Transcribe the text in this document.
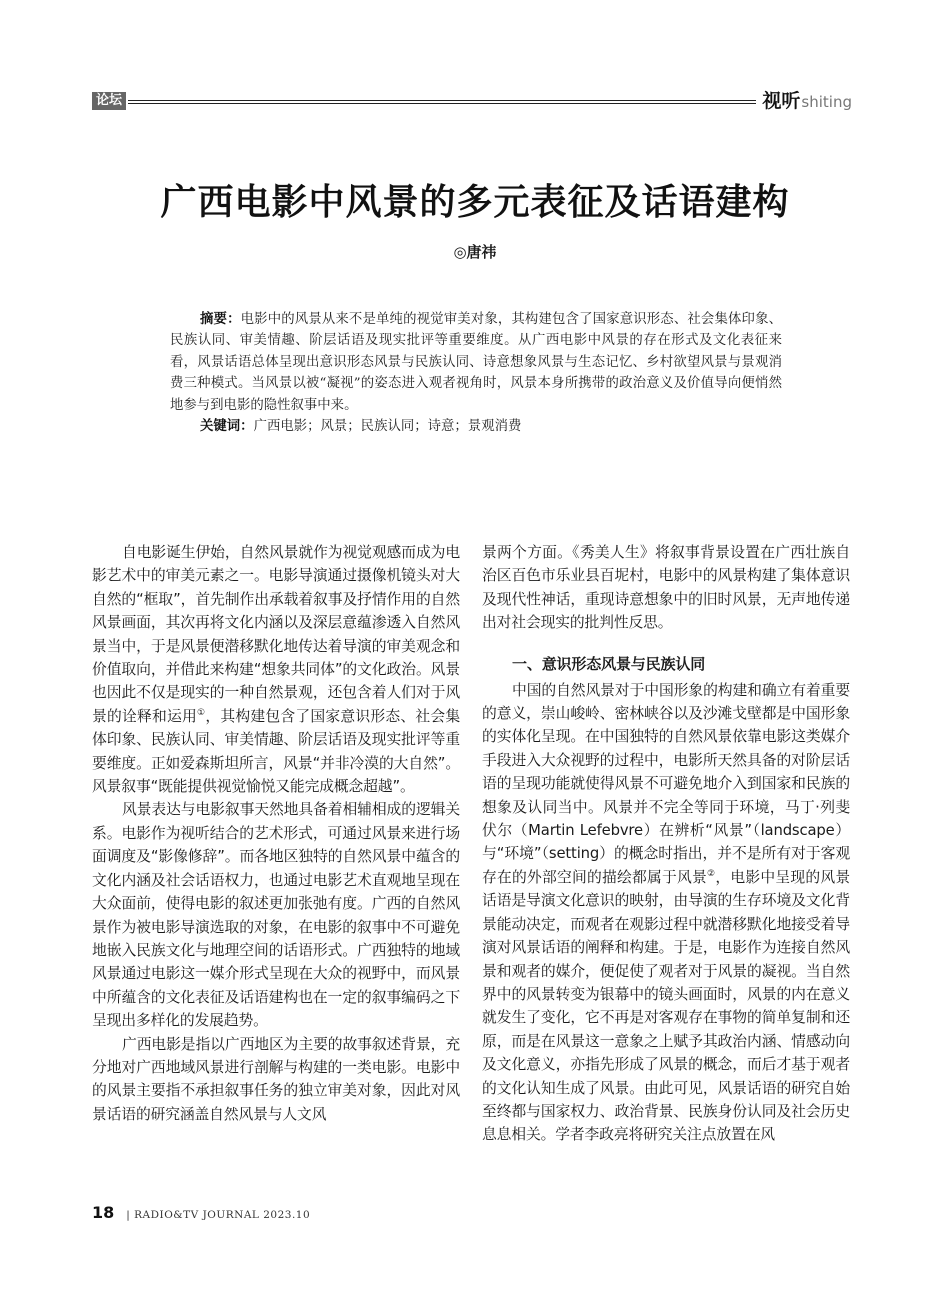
论坛	视听shiting
广西电影中风景的多元表征及话语建构
◎唐祎

摘要：电影中的风景从来不是单纯的视觉审美对象，其构建包含了国家意识形态、社会集体印象、民族认同、审美情趣、阶层话语及现实批评等重要维度。从广西电影中风景的存在形式及文化表征来看，风景话语总体呈现出意识形态风景与民族认同、诗意想象风景与生态记忆、乡村欲望风景与景观消费三种模式。当风景以被“凝视”的姿态进入观者视角时，风景本身所携带的政治意义及价值导向便悄然地参与到电影的隐性叙事中来。

关键词：广西电影；风景；民族认同；诗意；景观消费

自电影诞生伊始，自然风景就作为视觉观感而成为电影艺术中的审美元素之一。电影导演通过摄像机镜头对大自然的“框取”，首先制作出承载着叙事及抒情作用的自然风景画面，其次再将文化内涵以及深层意蕴渗透入自然风景当中，于是风景便潜移默化地传达着导演的审美观念和价值取向，并借此来构建“想象共同体”的文化政治。风景也因此不仅是现实的一种自然景观，还包含着人们对于风景的诠释和运用①，其构建包含了国家意识形态、社会集体印象、民族认同、审美情趣、阶层话语及现实批评等重要维度。正如爱森斯坦所言，风景“并非冷漠的大自然”。风景叙事“既能提供视觉愉悦又能完成概念超越”。

风景表达与电影叙事天然地具备着相辅相成的逻辑关系。电影作为视听结合的艺术形式，可通过风景来进行场面调度及“影像修辞”。而各地区独特的自然风景中蕴含的文化内涵及社会话语权力，也通过电影艺术直观地呈现在大众面前，使得电影的叙述更加张弛有度。广西的自然风景作为被电影导演选取的对象，在电影的叙事中不可避免地嵌入民族文化与地理空间的话语形式。广西独特的地域风景通过电影这一媒介形式呈现在大众的视野中，而风景中所蕴含的文化表征及话语建构也在一定的叙事编码之下呈现出多样化的发展趋势。

广西电影是指以广西地区为主要的故事叙述背景，充分地对广西地域风景进行剖解与构建的一类电影。电影中的风景主要指不承担叙事任务的独立审美对象，因此对风景话语的研究涵盖自然风景与人文风

景两个方面。《秀美人生》将叙事背景设置在广西壮族自治区百色市乐业县百坭村，电影中的风景构建了集体意识及现代性神话，重现诗意想象中的旧时风景，无声地传递出对社会现实的批判性反思。

一、意识形态风景与民族认同

中国的自然风景对于中国形象的构建和确立有着重要的意义，崇山峻岭、密林峡谷以及沙滩戈壁都是中国形象的实体化呈现。在中国独特的自然风景依靠电影这类媒介手段进入大众视野的过程中，电影所天然具备的对阶层话语的呈现功能就使得风景不可避免地介入到国家和民族的想象及认同当中。风景并不完全等同于环境，马丁·列斐伏尔（Martin Lefebvre）在辨析“风景”（landscape）与“环境”（setting）的概念时指出，并不是所有对于客观存在的外部空间的描绘都属于风景②，电影中呈现的风景话语是导演文化意识的映射，由导演的生存环境及文化背景能动决定，而观者在观影过程中就潜移默化地接受着导演对风景话语的阐释和构建。于是，电影作为连接自然风景和观者的媒介，便促使了观者对于风景的凝视。当自然界中的风景转变为银幕中的镜头画面时，风景的内在意义就发生了变化，它不再是对客观存在事物的简单复制和还原，而是在风景这一意象之上赋予其政治内涵、情感动向及文化意义，亦指先形成了风景的概念，而后才基于观者的文化认知生成了风景。由此可见，风景话语的研究自始至终都与国家权力、政治背景、民族身份认同及社会历史息息相关。学者李政亮将研究关注点放置在风

18 | RADIO&TV JOURNAL 2023.10
